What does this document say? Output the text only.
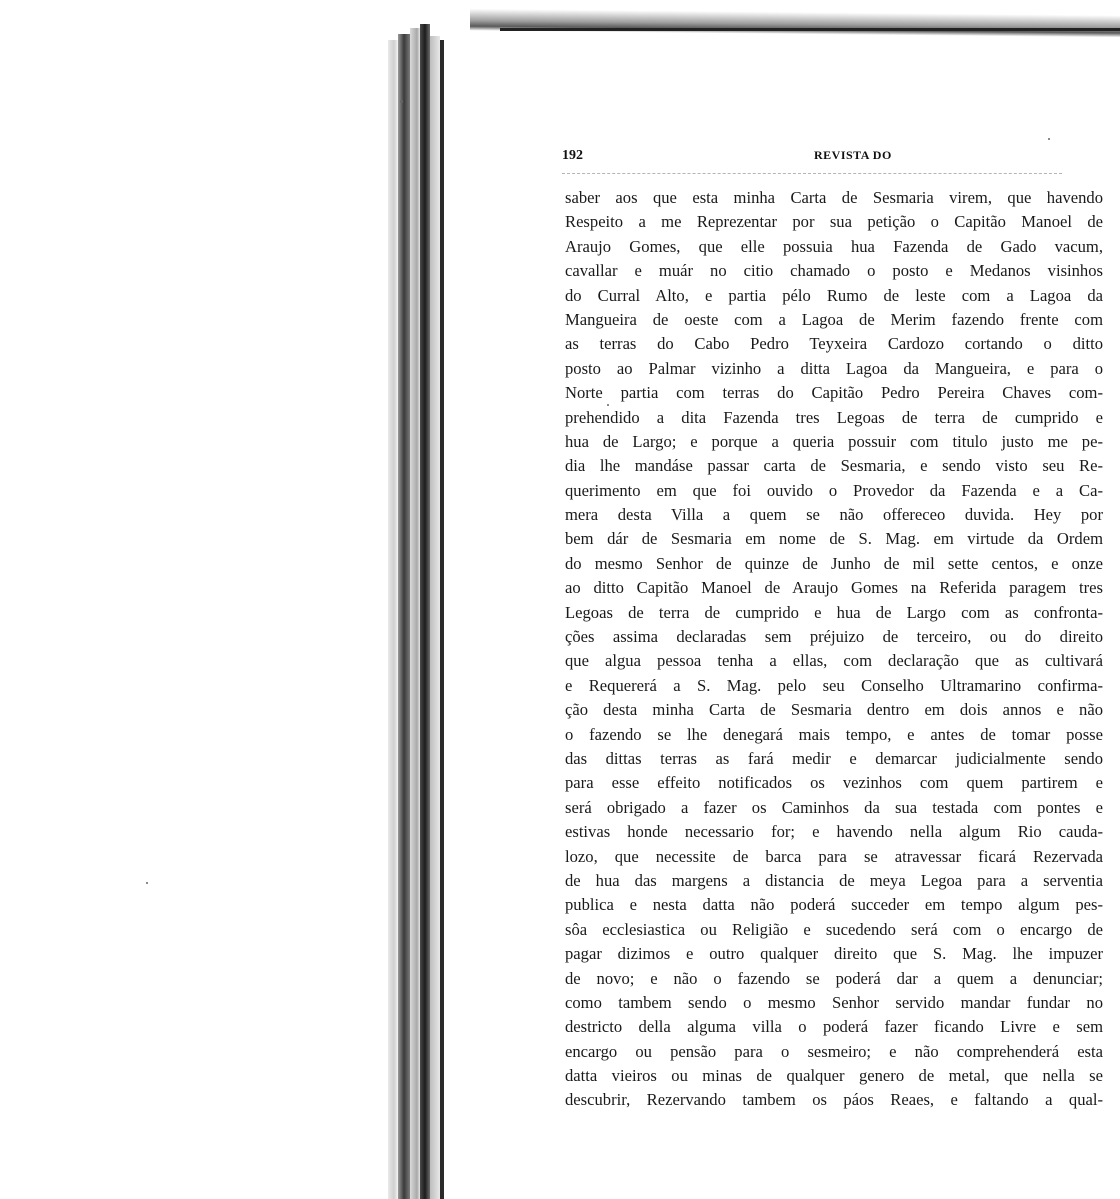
192	REVISTA DO

saber aos que esta minha Carta de Sesmaria virem, que havendo
Respeito a me Reprezentar por sua petição o Capitão Manoel de
Araujo Gomes, que elle possuia hua Fazenda de Gado vacum,
cavallar e muár no citio chamado o posto e Medanos visinhos
do Curral Alto, e partia pélo Rumo de leste com a Lagoa da
Mangueira de oeste com a Lagoa de Merim fazendo frente com
as terras do Cabo Pedro Teyxeira Cardozo cortando o ditto
posto ao Palmar vizinho a ditta Lagoa da Mangueira, e para o
Norte partia com terras do Capitão Pedro Pereira Chaves com-
prehendido a dita Fazenda tres Legoas de terra de cumprido e
hua de Largo; e porque a queria possuir com titulo justo me pe-
dia lhe mandáse passar carta de Sesmaria, e sendo visto seu Re-
querimento em que foi ouvido o Provedor da Fazenda e a Ca-
mera desta Villa a quem se não offereceo duvida. Hey por
bem dár de Sesmaria em nome de S. Mag. em virtude da Ordem
do mesmo Senhor de quinze de Junho de mil sette centos, e onze
ao ditto Capitão Manoel de Araujo Gomes na Referida paragem tres
Legoas de terra de cumprido e hua de Largo com as confronta-
ções assima declaradas sem préjuizo de terceiro, ou do direito
que algua pessoa tenha a ellas, com declaração que as cultivará
e Requererá a S. Mag. pelo seu Conselho Ultramarino confirma-
ção desta minha Carta de Sesmaria dentro em dois annos e não
o fazendo se lhe denegará mais tempo, e antes de tomar posse
das dittas terras as fará medir e demarcar judicialmente sendo
para esse effeito notificados os vezinhos com quem partirem e
será obrigado a fazer os Caminhos da sua testada com pontes e
estivas honde necessario for; e havendo nella algum Rio cauda-
lozo, que necessite de barca para se atravessar ficará Rezervada
de hua das margens a distancia de meya Legoa para a serventia
publica e nesta datta não poderá succeder em tempo algum pes-
sôa ecclesiastica ou Religião e sucedendo será com o encargo de
pagar dizimos e outro qualquer direito que S. Mag. lhe impuzer
de novo; e não o fazendo se poderá dar a quem a denunciar;
como tambem sendo o mesmo Senhor servido mandar fundar no
destricto della alguma villa o poderá fazer ficando Livre e sem
encargo ou pensão para o sesmeiro; e não comprehenderá esta
datta vieiros ou minas de qualquer genero de metal, que nella se
descubrir, Rezervando tambem os páos Reaes, e faltando a qual-
